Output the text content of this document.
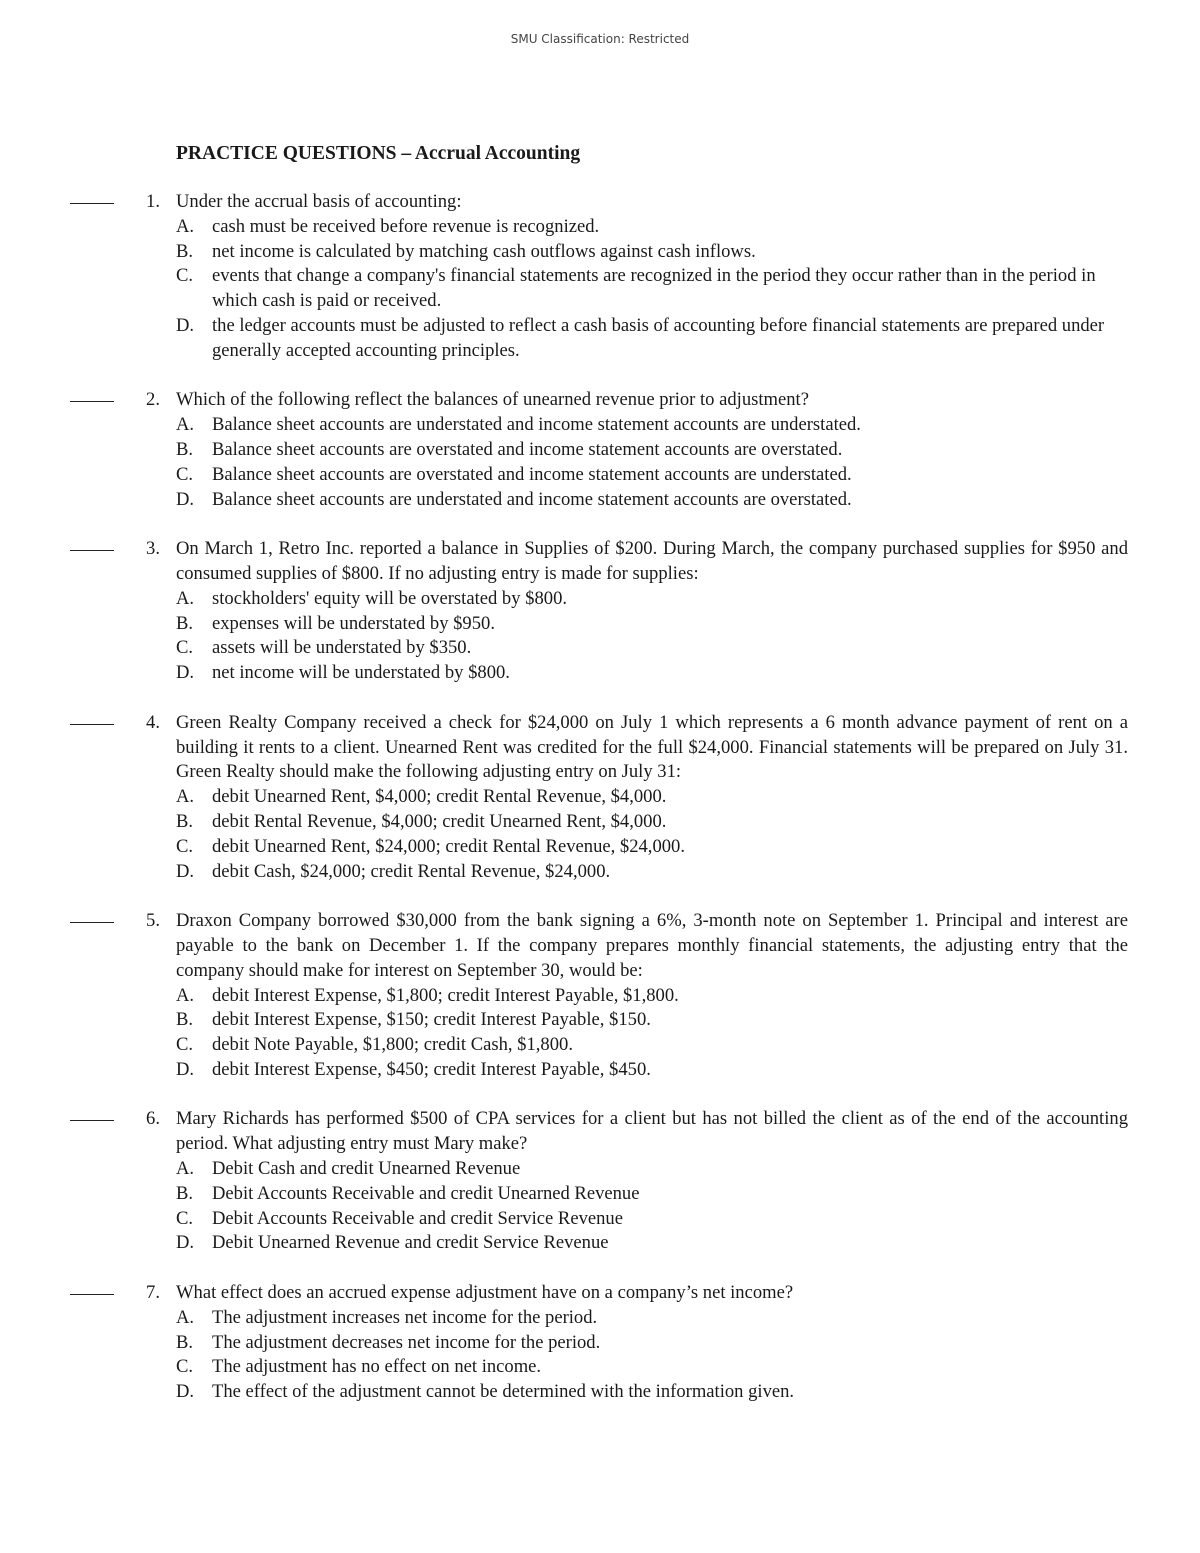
SMU Classification: Restricted
PRACTICE QUESTIONS – Accrual Accounting
1. Under the accrual basis of accounting:
A. cash must be received before revenue is recognized.
B. net income is calculated by matching cash outflows against cash inflows.
C. events that change a company's financial statements are recognized in the period they occur rather than in the period in which cash is paid or received.
D. the ledger accounts must be adjusted to reflect a cash basis of accounting before financial statements are prepared under generally accepted accounting principles.
2. Which of the following reflect the balances of unearned revenue prior to adjustment?
A. Balance sheet accounts are understated and income statement accounts are understated.
B. Balance sheet accounts are overstated and income statement accounts are overstated.
C. Balance sheet accounts are overstated and income statement accounts are understated.
D. Balance sheet accounts are understated and income statement accounts are overstated.
3. On March 1, Retro Inc. reported a balance in Supplies of $200. During March, the company purchased supplies for $950 and consumed supplies of $800. If no adjusting entry is made for supplies:
A. stockholders' equity will be overstated by $800.
B. expenses will be understated by $950.
C. assets will be understated by $350.
D. net income will be understated by $800.
4. Green Realty Company received a check for $24,000 on July 1 which represents a 6 month advance payment of rent on a building it rents to a client. Unearned Rent was credited for the full $24,000. Financial statements will be prepared on July 31. Green Realty should make the following adjusting entry on July 31:
A. debit Unearned Rent, $4,000; credit Rental Revenue, $4,000.
B. debit Rental Revenue, $4,000; credit Unearned Rent, $4,000.
C. debit Unearned Rent, $24,000; credit Rental Revenue, $24,000.
D. debit Cash, $24,000; credit Rental Revenue, $24,000.
5. Draxon Company borrowed $30,000 from the bank signing a 6%, 3-month note on September 1. Principal and interest are payable to the bank on December 1. If the company prepares monthly financial statements, the adjusting entry that the company should make for interest on September 30, would be:
A. debit Interest Expense, $1,800; credit Interest Payable, $1,800.
B. debit Interest Expense, $150; credit Interest Payable, $150.
C. debit Note Payable, $1,800; credit Cash, $1,800.
D. debit Interest Expense, $450; credit Interest Payable, $450.
6. Mary Richards has performed $500 of CPA services for a client but has not billed the client as of the end of the accounting period. What adjusting entry must Mary make?
A. Debit Cash and credit Unearned Revenue
B. Debit Accounts Receivable and credit Unearned Revenue
C. Debit Accounts Receivable and credit Service Revenue
D. Debit Unearned Revenue and credit Service Revenue
7. What effect does an accrued expense adjustment have on a company’s net income?
A. The adjustment increases net income for the period.
B. The adjustment decreases net income for the period.
C. The adjustment has no effect on net income.
D. The effect of the adjustment cannot be determined with the information given.
